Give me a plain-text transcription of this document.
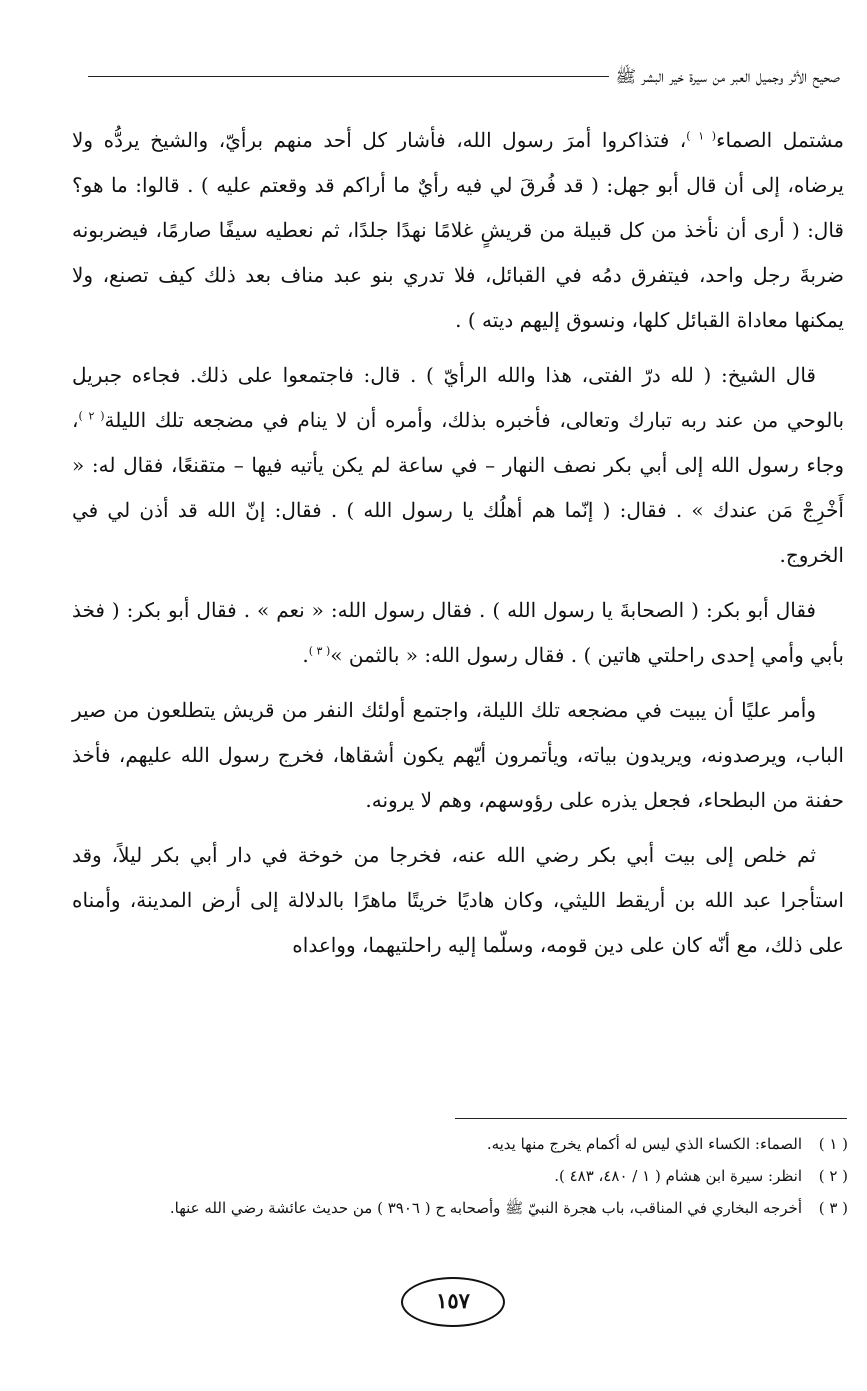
صحيح الأثر وجميل العبر من سيرة خير البشر ﷺ

مشتمل الصماء$^{( ١ )}$، فتذاكروا أمرَ رسول الله، فأشار كل أحد منهم برأيّ، والشيخ يردُّه ولا يرضاه، إلى أن قال أبو جهل: ( قد فُرقَ لي فيه رأيٌ ما أراكم قد وقعتم عليه ) . قالوا: ما هو؟ قال: ( أرى أن نأخذ من كل قبيلة من قريشٍ غلامًا نهدًا جلدًا، ثم نعطيه سيفًا صارمًا، فيضربونه ضربةَ رجل واحد، فيتفرق دمُه في القبائل، فلا تدري بنو عبد مناف بعد ذلك كيف تصنع، ولا يمكنها معاداة القبائل كلها، ونسوق إليهم ديته ) .

قال الشيخ: ( لله درّ الفتى، هذا والله الرأيّ ) . قال: فاجتمعوا على ذلك. فجاءه جبريل بالوحي من عند ربه تبارك وتعالى، فأخبره بذلك، وأمره أن لا ينام في مضجعه تلك الليلة$^{( ٢ )}$، وجاء رسول الله إلى أبي بكر نصف النهار – في ساعة لم يكن يأتيه فيها – متقنعًا، فقال له: « أَخْرِجْ مَن عندك » . فقال: ( إنّما هم أهلُك يا رسول الله ) . فقال: إنّ الله قد أذن لي في الخروج.

فقال أبو بكر: ( الصحابةَ يا رسول الله ) . فقال رسول الله: « نعم » . فقال أبو بكر: ( فخذ بأبي وأمي إحدى راحلتي هاتين ) . فقال رسول الله: « بالثمن »$^{( ٣ )}$.

وأمر عليًا أن يبيت في مضجعه تلك الليلة، واجتمع أولئك النفر من قريش يتطلعون من صير الباب، ويرصدونه، ويريدون بياته، ويأتمرون أيّهم يكون أشقاها، فخرج رسول الله عليهم، فأخذ حفنة من البطحاء، فجعل يذره على رؤوسهم، وهم لا يرونه.

ثم خلص إلى بيت أبي بكر رضي الله عنه، فخرجا من خوخة في دار أبي بكر ليلاً، وقد استأجرا عبد الله بن أريقط الليثي، وكان هاديًا خريتًا ماهرًا بالدلالة إلى أرض المدينة، وأمناه على ذلك، مع أنّه كان على دين قومه، وسلّما إليه راحلتيهما، وواعداه

( ١ )الصماء: الكساء الذي ليس له أكمام يخرج منها يديه.
( ٢ )انظر: سيرة ابن هشام ( ١ / ٤٨٠، ٤٨٣ ).
( ٣ )أخرجه البخاري في المناقب، باب هجرة النبيّ ﷺ وأصحابه ح ( ٣٩٠٦ ) من حديث عائشة رضي الله عنها.
١٥٧
